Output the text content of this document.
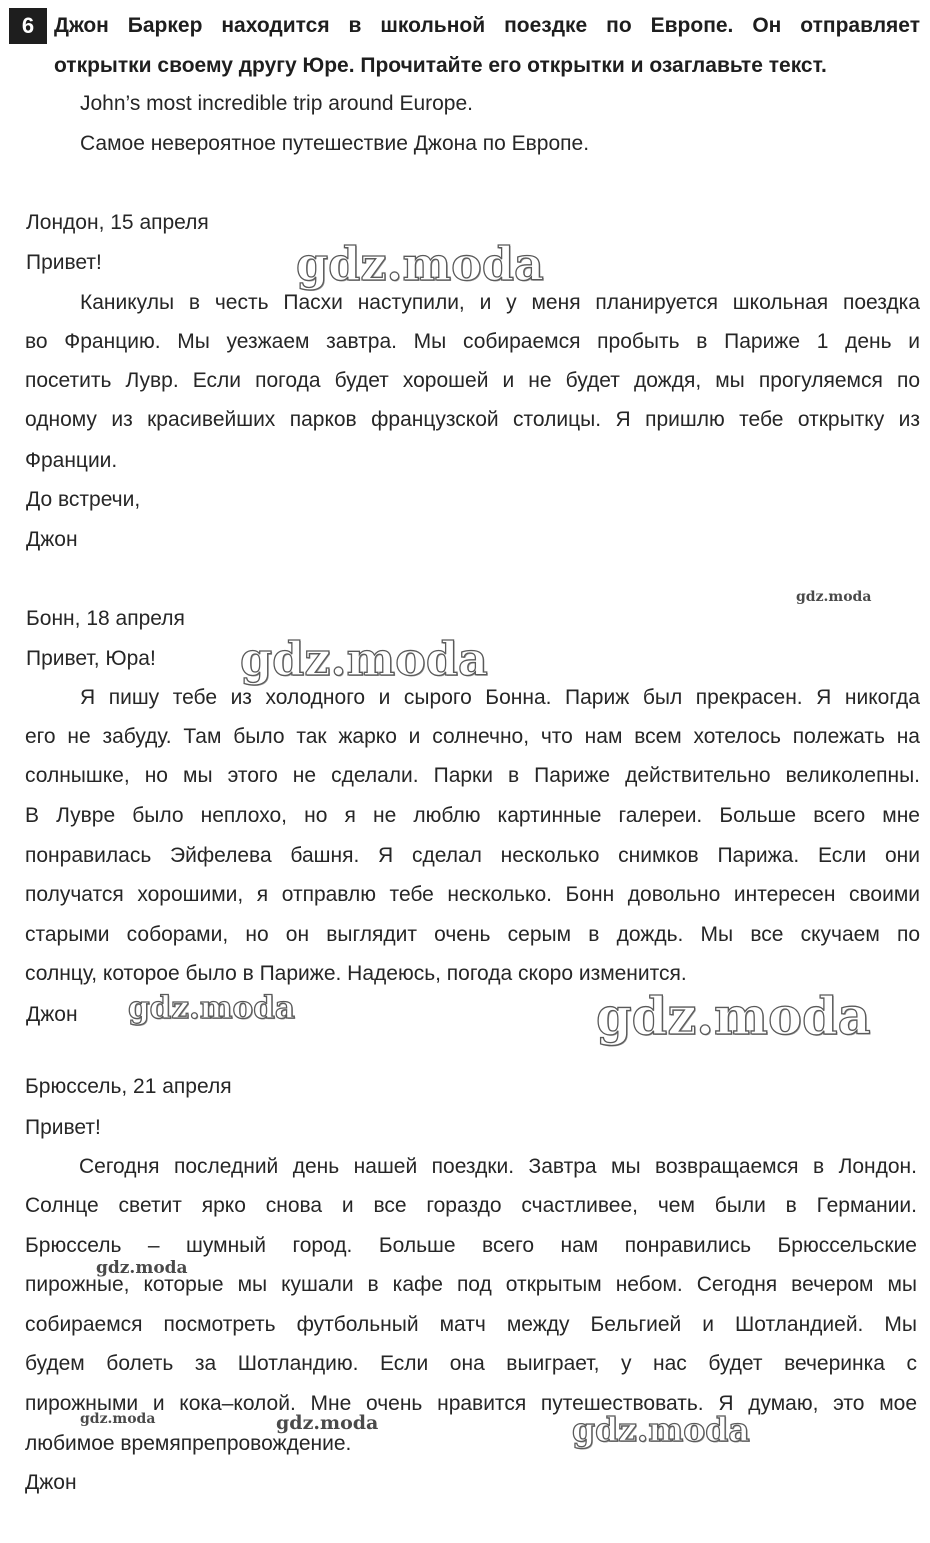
6 Джон Баркер находится в школьной поездке по Европе. Он отправляет
открытки своему другу Юре. Прочитайте его открытки и озаглавьте текст.
John’s most incredible trip around Europe.
Самое невероятное путешествие Джона по Европе.
Лондон, 15 апреля
Привет!
Каникулы в честь Пасхи наступили, и у меня планируется школьная поездка
во Францию. Мы уезжаем завтра. Мы собираемся пробыть в Париже 1 день и
посетить Лувр. Если погода будет хорошей и не будет дождя, мы прогуляемся по
одному из красивейших парков французской столицы. Я пришлю тебе открытку из
Франции.
До встречи,
Джон
Бонн, 18 апреля
Привет, Юра!
Я пишу тебе из холодного и сырого Бонна. Париж был прекрасен. Я никогда
его не забуду. Там было так жарко и солнечно, что нам всем хотелось полежать на
солнышке, но мы этого не сделали. Парки в Париже действительно великолепны.
В Лувре было неплохо, но я не люблю картинные галереи. Больше всего мне
понравилась Эйфелева башня. Я сделал несколько снимков Парижа. Если они
получатся хорошими, я отправлю тебе несколько. Бонн довольно интересен своими
старыми соборами, но он выглядит очень серым в дождь. Мы все скучаем по
солнцу, которое было в Париже. Надеюсь, погода скоро изменится.
Джон
Брюссель, 21 апреля
Привет!
Сегодня последний день нашей поездки. Завтра мы возвращаемся в Лондон.
Солнце светит ярко снова и все гораздо счастливее, чем были в Германии.
Брюссель – шумный город. Больше всего нам понравились Брюссельские
пирожные, которые мы кушали в кафе под открытым небом. Сегодня вечером мы
собираемся посмотреть футбольный матч между Бельгией и Шотландией. Мы
будем болеть за Шотландию. Если она выиграет, у нас будет вечеринка с
пирожными и кока–колой. Мне очень нравится путешествовать. Я думаю, это мое
любимое времяпрепровождение.
Джон
gdz.moda
gdz.moda
gdz.moda
gdz.moda	gdz.moda
gdz.moda
gdz.moda	gdz.moda	gdz.moda
